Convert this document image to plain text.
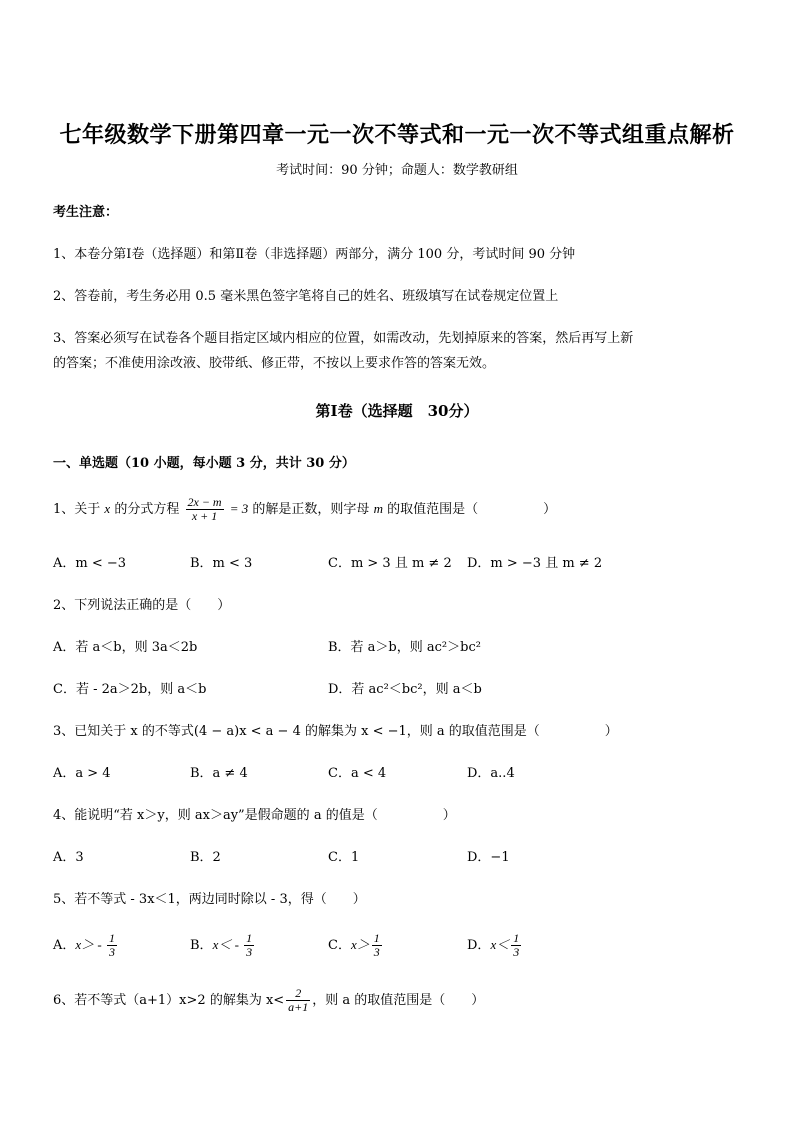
七年级数学下册第四章一元一次不等式和一元一次不等式组重点解析
考试时间：90 分钟；命题人：数学教研组
考生注意：
1、本卷分第Ⅰ卷（选择题）和第Ⅱ卷（非选择题）两部分，满分 100 分，考试时间 90 分钟
2、答卷前，考生务必用 0.5 毫米黑色签字笔将自己的姓名、班级填写在试卷规定位置上
3、答案必须写在试卷各个题目指定区域内相应的位置，如需改动，先划掉原来的答案，然后再写上新
的答案；不准使用涂改液、胶带纸、修正带，不按以上要求作答的答案无效。
第Ⅰ卷（选择题　30分）
一、单选题（10 小题，每小题 3 分，共计 30 分）
1、关于 x 的分式方程 $\frac{2x - m}{x + 1} = 3$ 的解是正数，则字母 m 的取值范围是（　　　　　）
A．m < −3	B．m < 3	C．m > 3 且 m ≠ 2 D．m > −3 且 m ≠ 2
2、下列说法正确的是（　　）
A．若 a＜b，则 3a＜2b	B．若 a＞b，则 ac²＞bc²
C．若 - 2a＞2b，则 a＜b	D．若 ac²＜bc²，则 a＜b
3、已知关于 x 的不等式(4 − a)x < a − 4 的解集为 x < −1，则 a 的取值范围是（　　　　　）
A．a > 4	B．a ≠ 4	C．a < 4	D．a..4
4、能说明“若 x＞y，则 ax＞ay”是假命题的 a 的值是（　　　　　）
A．3	B．2	C．1	D．−1
5、若不等式 - 3x＜1，两边同时除以 - 3，得（　　）
A．$x> - \frac{1}{3}$	B．$x< - \frac{1}{3}$	C．$x> \frac{1}{3}$	D．$x< \frac{1}{3}$
6、若不等式（a+1）x>2 的解集为 $x< \frac{2}{a+1}$ ，则 a 的取值范围是（　　）
